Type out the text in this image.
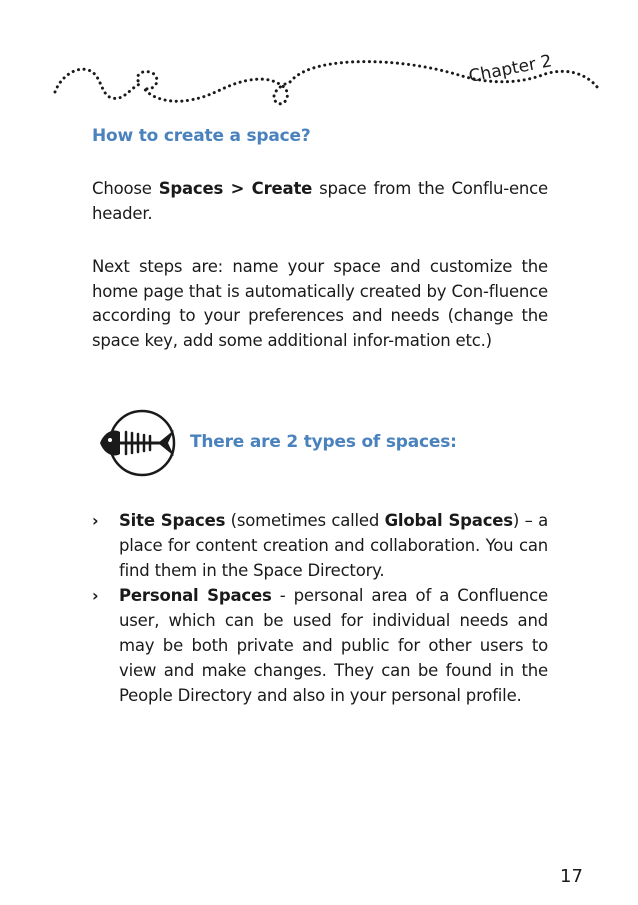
Chapter 2
How to create a space?

Choose Spaces > Create space from the Conflu-ence header.

Next steps are: name your space and customize the home page that is automatically created by Con-fluence according to your preferences and needs (change the space key, add some additional infor-mation etc.)

There are 2 types of spaces:
› Site Spaces (sometimes called Global Spaces) – a place for content creation and collaboration. You can find them in the Space Directory.
› Personal Spaces - personal area of a Confluence user, which can be used for individual needs and may be both private and public for other users to view and make changes. They can be found in the People Directory and also in your personal profile.

17
